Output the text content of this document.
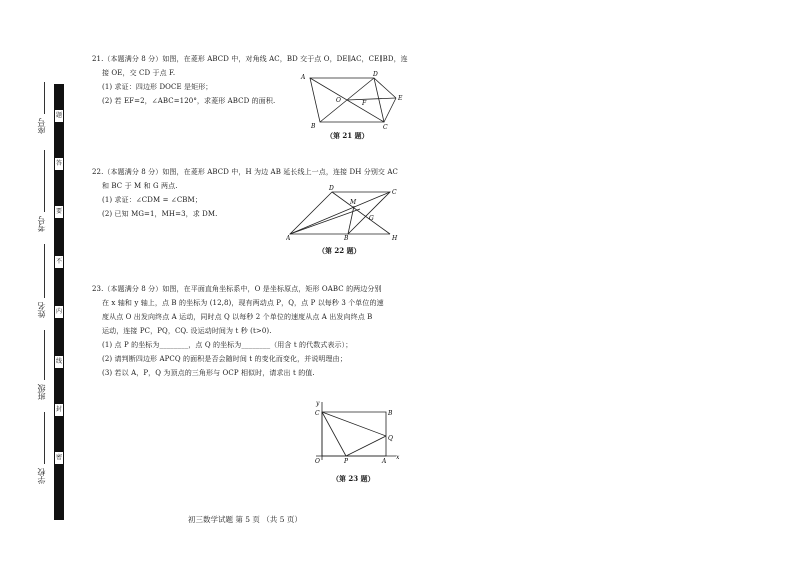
座号
考号
姓名
班级
学校
题
答
要
不
内
线
封
密

21.（本题满分 8 分）如图，在菱形 ABCD 中，对角线 AC，BD 交于点 O，DE∥AC，CE∥BD，连

接 OE，交 CD 于点 F.

(1) 求证：四边形 DOCE 是矩形；

(2) 若 EF=2，∠ABC=120°，求菱形 ABCD 的面积.

A	D
O	F
E
B	C
（第 21 题）

22.（本题满分 8 分）如图，在菱形 ABCD 中，H 为边 AB 延长线上一点，连接 DH 分别交 AC

和 BC 于 M 和 G 两点.

(1) 求证：∠CDM = ∠CBM；

(2) 已知 MG=1，MH=3，求 DM.

D
C
M
G
A	B	H
（第 22 题）

23.（本题满分 8 分）如图，在平面直角坐标系中，O 是坐标原点，矩形 OABC 的两边分别

在 x 轴和 y 轴上，点 B 的坐标为 (12,8)，现有两动点 P，Q，点 P 以每秒 3 个单位的速

度从点 O 出发向终点 A 运动，同时点 Q 以每秒 2 个单位的速度从点 A 出发向终点 B

运动，连接 PC，PQ，CQ. 设运动时间为 t 秒 (t>0).

(1) 点 P 的坐标为________，点 Q 的坐标为________（用含 t 的代数式表示）；

(2) 请判断四边形 APCQ 的面积是否会随时间 t 的变化而变化，并说明理由；

(3) 若以 A，P，Q 为顶点的三角形与 OCP 相似时，请求出 t 的值.

y
C	B
Q
O	P	A
x
（第 23 题）
初三数学试题 第 5 页 （共 5 页）
